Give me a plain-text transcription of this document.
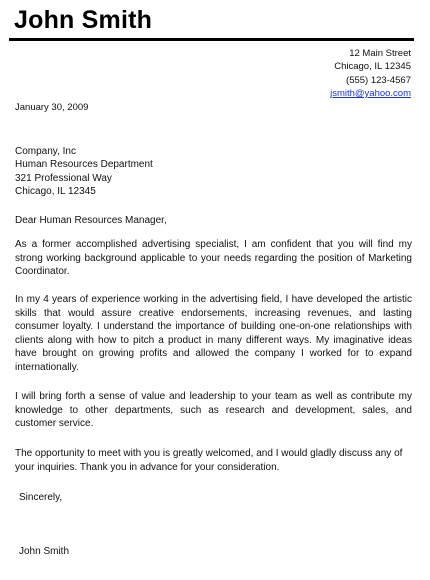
John Smith
12 Main Street
Chicago, IL 12345
(555) 123-4567
jsmith@yahoo.com
January 30, 2009
Company, Inc
Human Resources Department
321 Professional Way
Chicago, IL 12345
Dear Human Resources Manager,

As a former accomplished advertising specialist, I am confident that you will find my strong working background applicable to your needs regarding the position of Marketing Coordinator.

In my 4 years of experience working in the advertising field, I have developed the artistic skills that would assure creative endorsements, increasing revenues, and lasting consumer loyalty. I understand the importance of building one-on-one relationships with clients along with how to pitch a product in many different ways. My imaginative ideas have brought on growing profits and allowed the company I worked for to expand internationally.

I will bring forth a sense of value and leadership to your team as well as contribute my knowledge to other departments, such as research and development, sales, and customer service.

The opportunity to meet with you is greatly welcomed, and I would gladly discuss any of your inquiries. Thank you in advance for your consideration.

Sincerely,
John Smith
